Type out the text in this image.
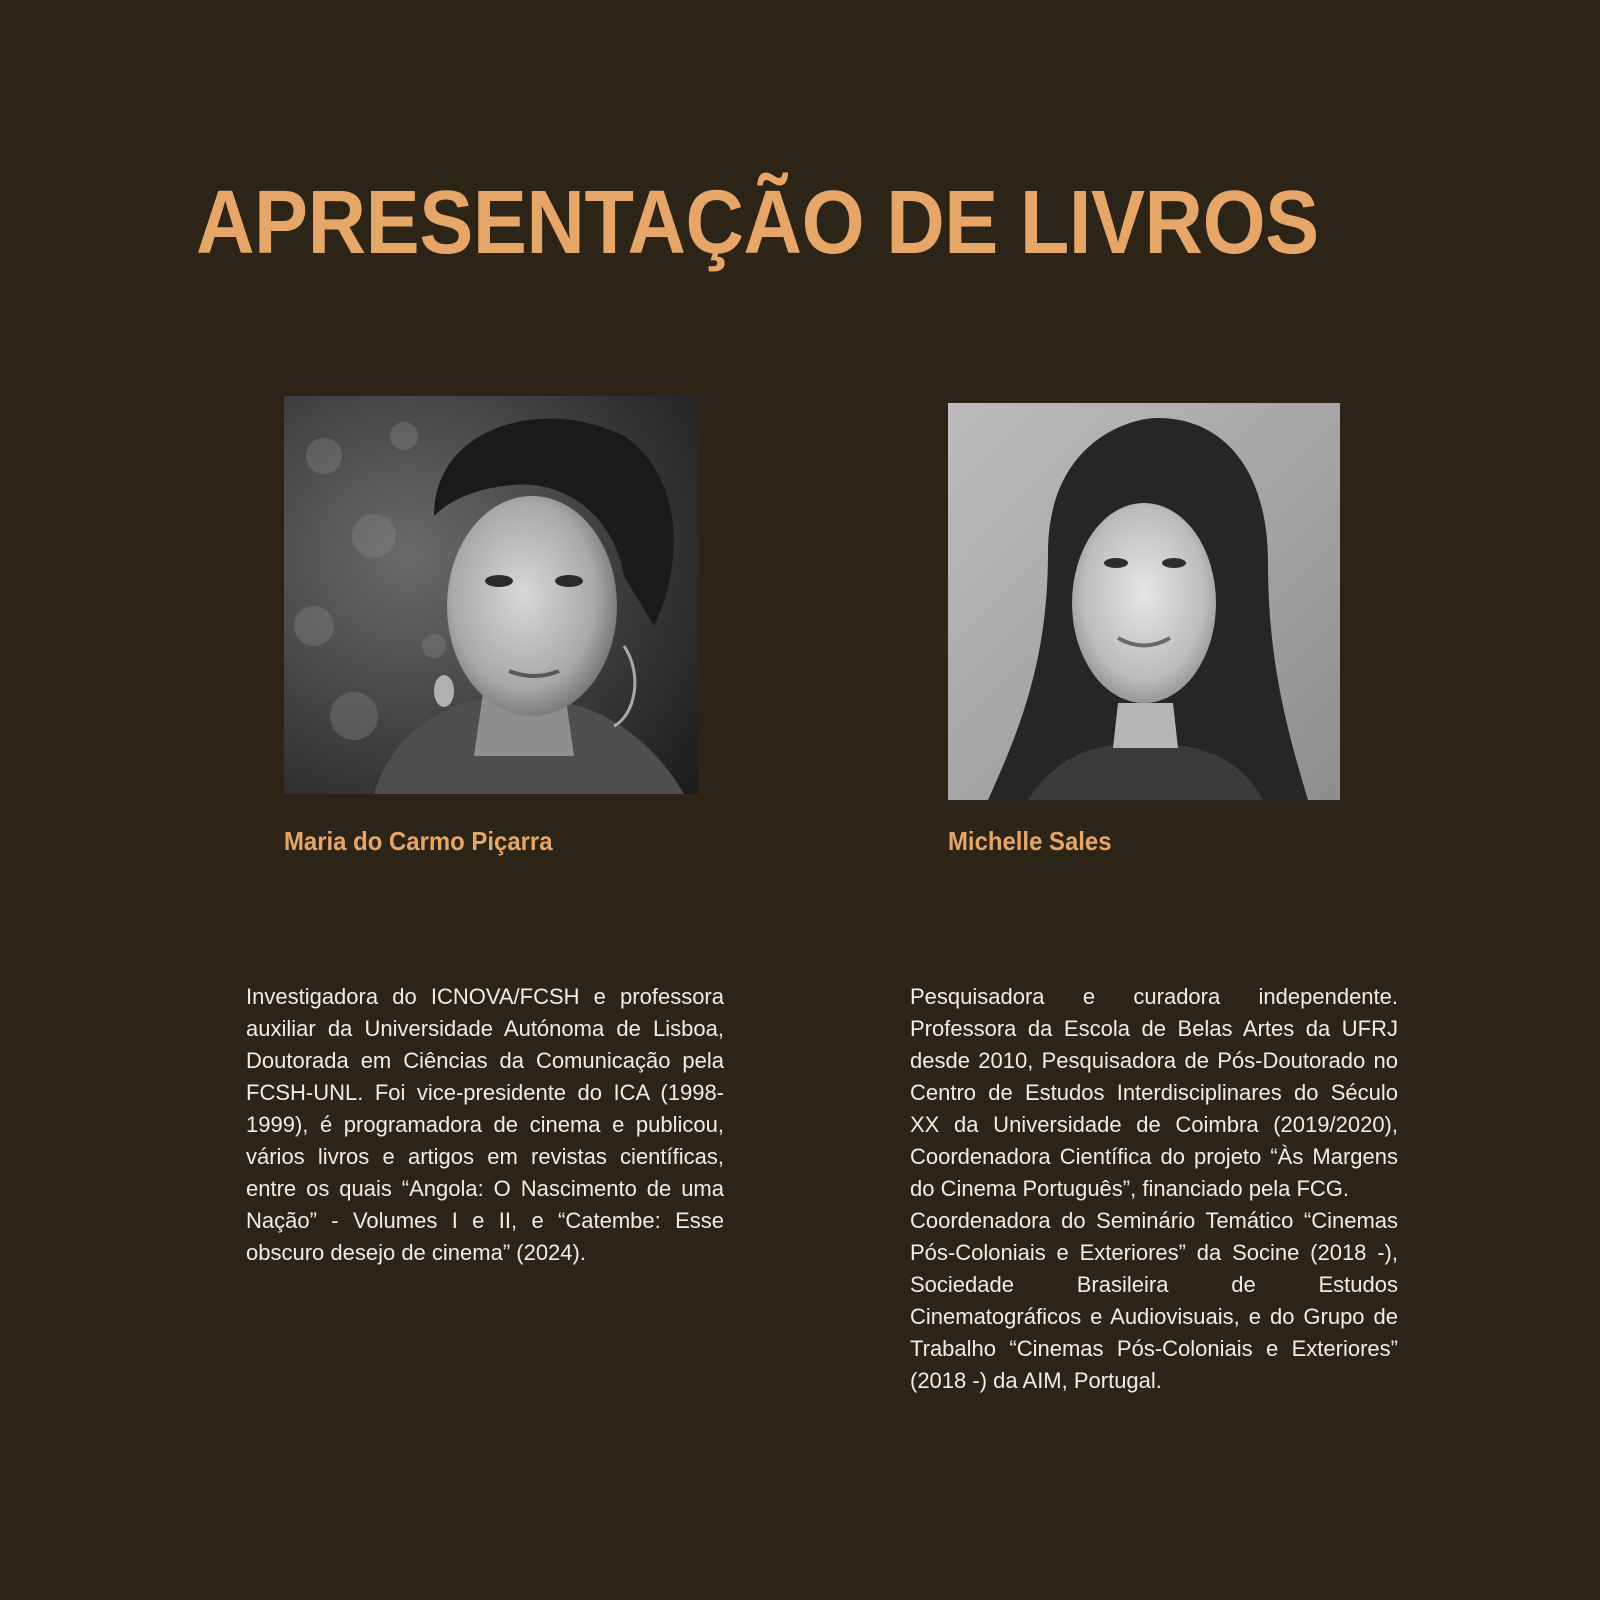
APRESENTAÇÃO DE LIVROS

Maria do Carmo Piçarra

Investigadora do ICNOVA/FCSH e professora auxiliar da Universidade Autónoma de Lisboa, Doutorada em Ciências da Comunicação pela FCSH-UNL. Foi vice-presidente do ICA (1998-1999), é programadora de cinema e publicou, vários livros e artigos em revistas científicas, entre os quais “Angola: O Nascimento de uma Nação” - Volumes I e II, e “Catembe: Esse obscuro desejo de cinema” (2024).

Michelle Sales

Pesquisadora e curadora independente. Professora da Escola de Belas Artes da UFRJ desde 2010, Pesquisadora de Pós-Doutorado no Centro de Estudos Interdisciplinares do Século XX da Universidade de Coimbra (2019/2020), Coordenadora Científica do projeto “Às Margens do Cinema Português”, financiado pela FCG.
Coordenadora do Seminário Temático “Cinemas Pós-Coloniais e Exteriores” da Socine (2018 -), Sociedade Brasileira de Estudos Cinematográficos e Audiovisuais, e do Grupo de Trabalho “Cinemas Pós-Coloniais e Exteriores” (2018 -) da AIM, Portugal.
